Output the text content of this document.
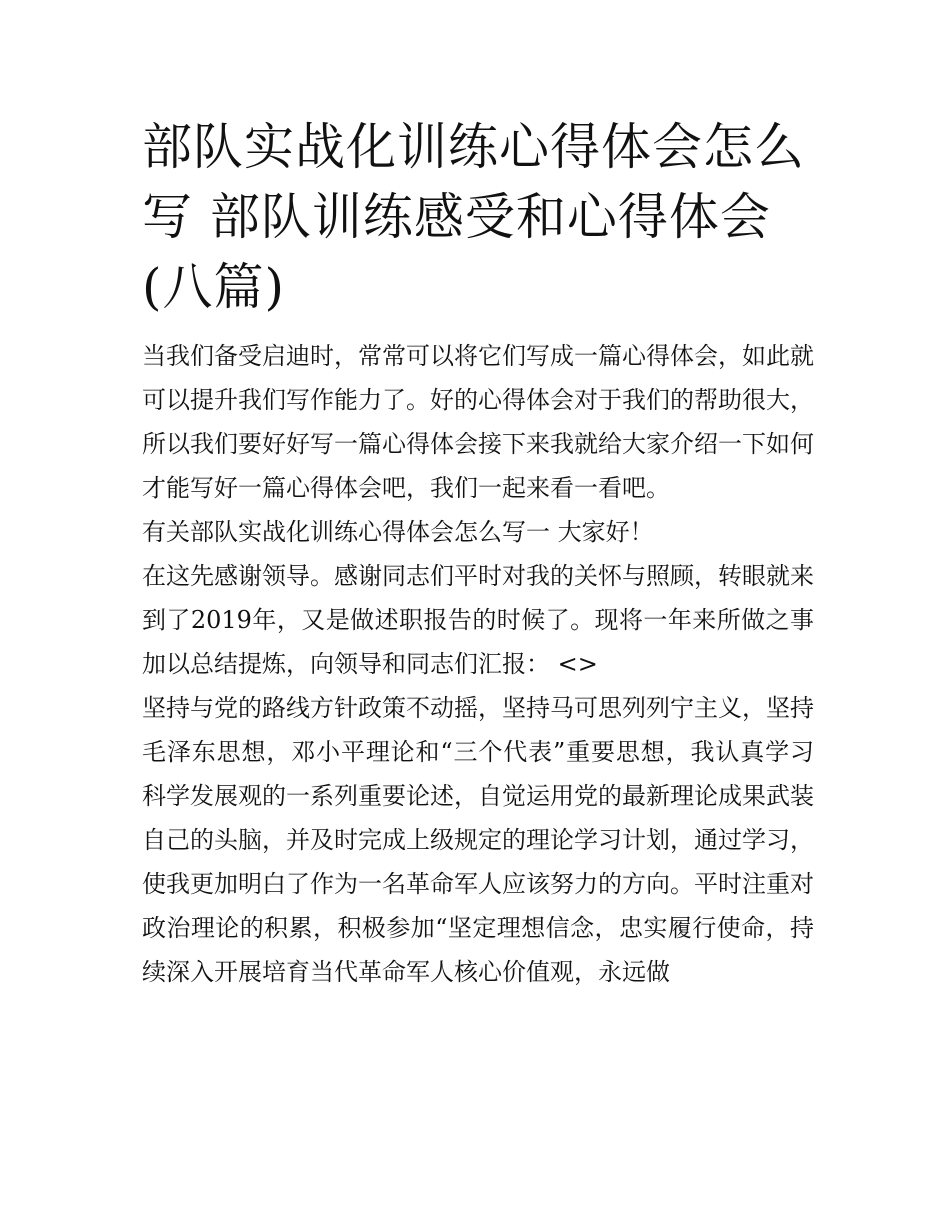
部队实战化训练心得体会怎么
写 部队训练感受和心得体会
(八篇)

当我们备受启迪时，常常可以将它们写成一篇心得体会，如此就可以提升我们写作能力了。好的心得体会对于我们的帮助很大，所以我们要好好写一篇心得体会接下来我就给大家介绍一下如何才能写好一篇心得体会吧，我们一起来看一看吧。

有关部队实战化训练心得体会怎么写一 大家好！

在这先感谢领导。感谢同志们平时对我的关怀与照顾，转眼就来到了2019年，又是做述职报告的时候了。现将一年来所做之事加以总结提炼，向领导和同志们汇报： <>

坚持与党的路线方针政策不动摇，坚持马可思列列宁主义，坚持毛泽东思想，邓小平理论和“三个代表”重要思想，我认真学习科学发展观的一系列重要论述，自觉运用党的最新理论成果武装自己的头脑，并及时完成上级规定的理论学习计划，通过学习，使我更加明白了作为一名革命军人应该努力的方向。平时注重对政治理论的积累，积极参加“坚定理想信念，忠实履行使命，持续深入开展培育当代革命军人核心价值观，永远做
